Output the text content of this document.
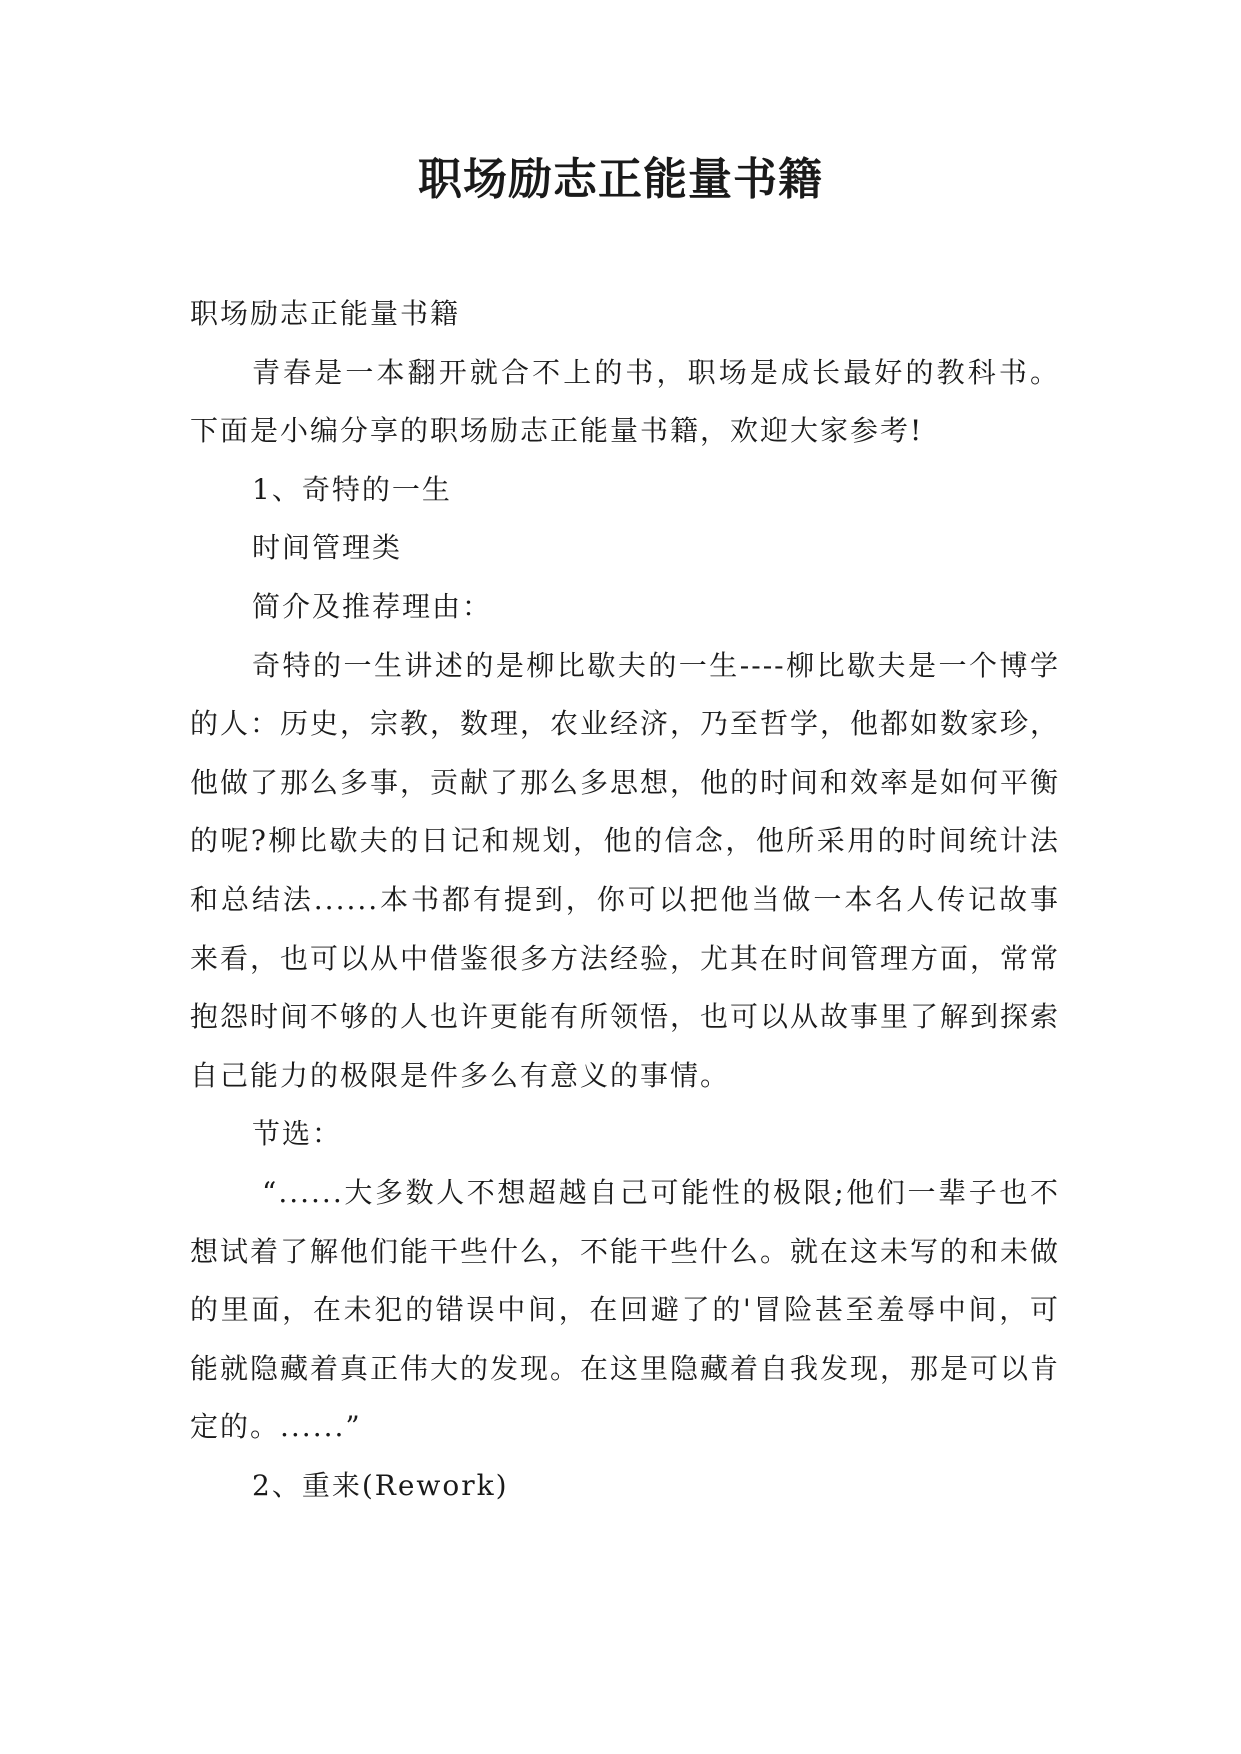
职场励志正能量书籍

职场励志正能量书籍

青春是一本翻开就合不上的书，职场是成长最好的教科书。下面是小编分享的职场励志正能量书籍，欢迎大家参考!

1、奇特的一生

时间管理类

简介及推荐理由：

奇特的一生讲述的是柳比歇夫的一生----柳比歇夫是一个博学的人：历史，宗教，数理，农业经济，乃至哲学，他都如数家珍，他做了那么多事，贡献了那么多思想，他的时间和效率是如何平衡的呢?柳比歇夫的日记和规划，他的信念，他所采用的时间统计法和总结法......本书都有提到，你可以把他当做一本名人传记故事来看，也可以从中借鉴很多方法经验，尤其在时间管理方面，常常抱怨时间不够的人也许更能有所领悟，也可以从故事里了解到探索自己能力的极限是件多么有意义的事情。

节选：

“......大多数人不想超越自己可能性的极限;他们一辈子也不想试着了解他们能干些什么，不能干些什么。就在这未写的和未做的里面，在未犯的错误中间，在回避了的'冒险甚至羞辱中间，可能就隐藏着真正伟大的发现。在这里隐藏着自我发现，那是可以肯定的。......”

2、重来(Rework)
